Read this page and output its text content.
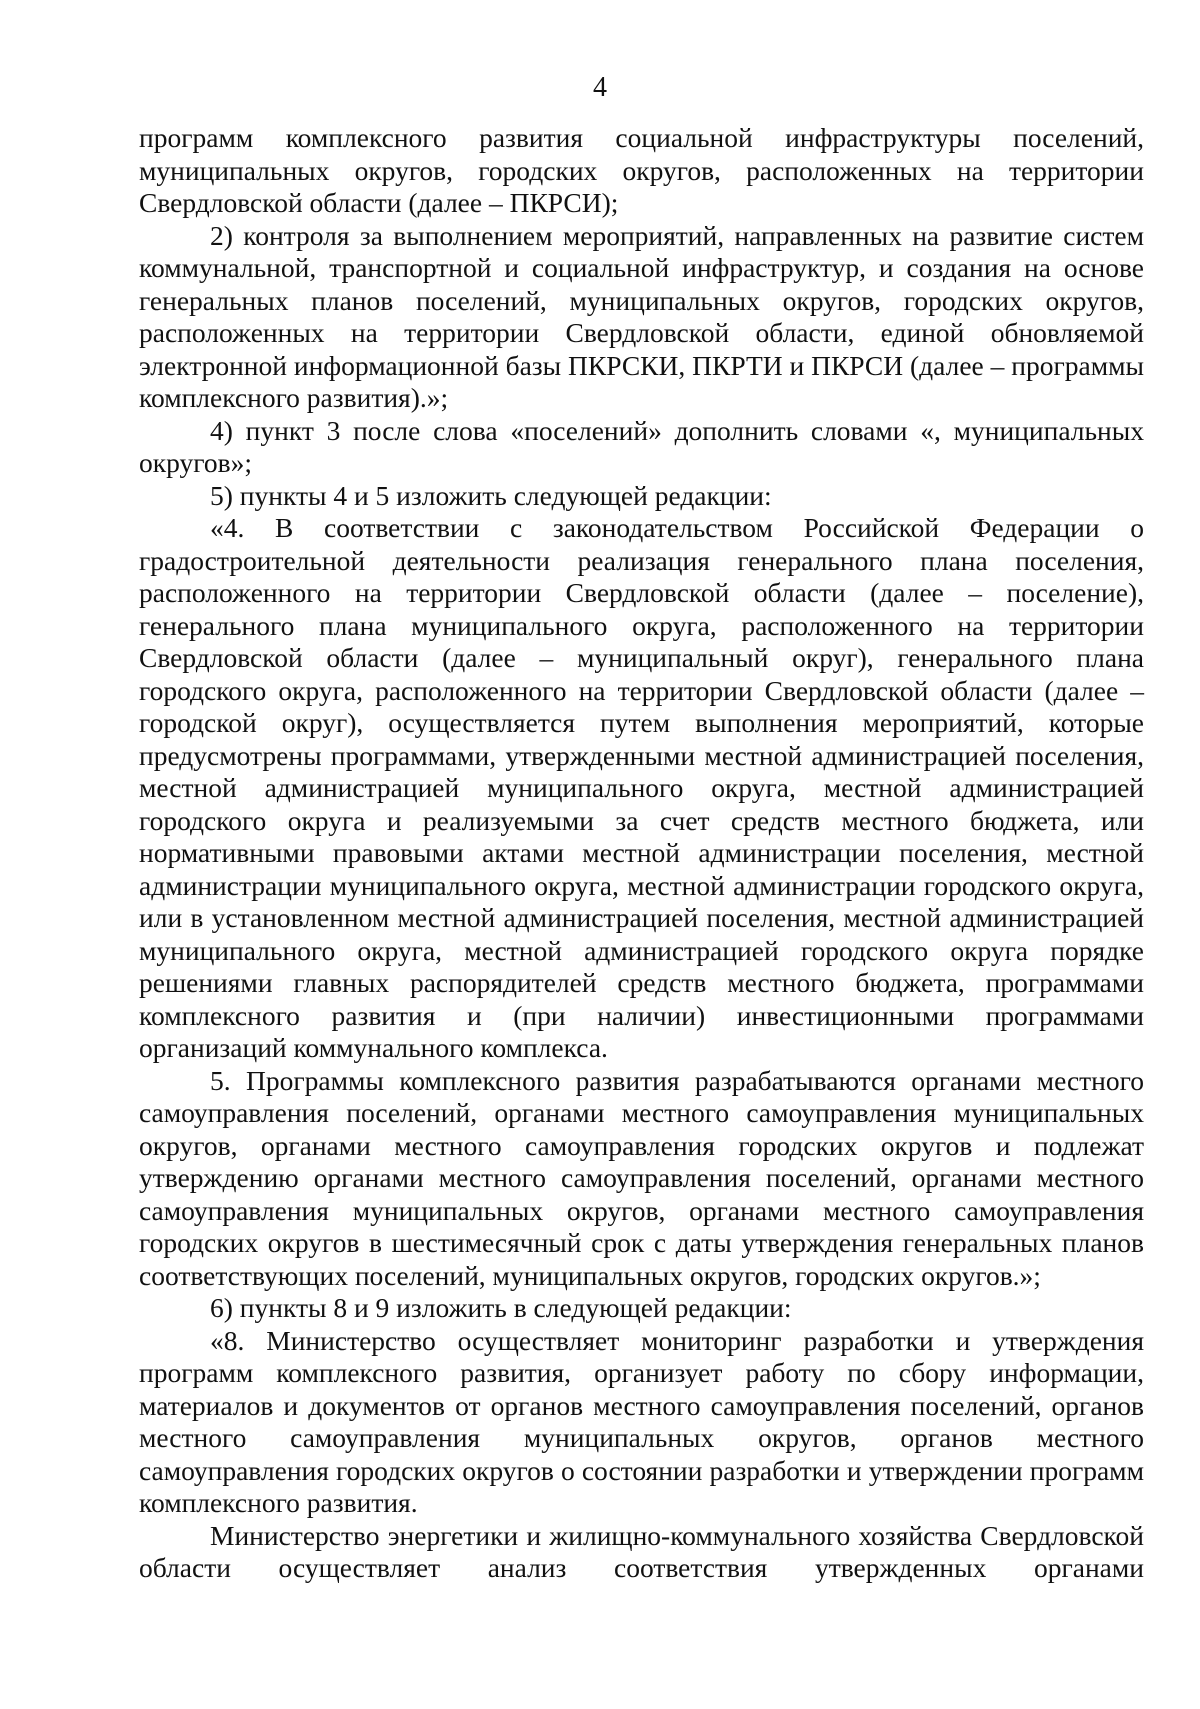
4

программ комплексного развития социальной инфраструктуры поселений, муниципальных округов, городских округов, расположенных на территории Свердловской области (далее – ПКРСИ);

2) контроля за выполнением мероприятий, направленных на развитие систем коммунальной, транспортной и социальной инфраструктур, и создания на основе генеральных планов поселений, муниципальных округов, городских округов, расположенных на территории Свердловской области, единой обновляемой электронной информационной базы ПКРСКИ, ПКРТИ и ПКРСИ (далее – программы комплексного развития).»;

4) пункт 3 после слова «поселений» дополнить словами «, муниципальных округов»;

5) пункты 4 и 5 изложить следующей редакции:

«4. В соответствии с законодательством Российской Федерации о градостроительной деятельности реализация генерального плана поселения, расположенного на территории Свердловской области (далее – поселение), генерального плана муниципального округа, расположенного на территории Свердловской области (далее – муниципальный округ), генерального плана городского округа, расположенного на территории Свердловской области (далее – городской округ), осуществляется путем выполнения мероприятий, которые предусмотрены программами, утвержденными местной администрацией поселения, местной администрацией муниципального округа, местной администрацией городского округа и реализуемыми за счет средств местного бюджета, или нормативными правовыми актами местной администрации поселения, местной администрации муниципального округа, местной администрации городского округа, или в установленном местной администрацией поселения, местной администрацией муниципального округа, местной администрацией городского округа порядке решениями главных распорядителей средств местного бюджета, программами комплексного развития и (при наличии) инвестиционными программами организаций коммунального комплекса.

5. Программы комплексного развития разрабатываются органами местного самоуправления поселений, органами местного самоуправления муниципальных округов, органами местного самоуправления городских округов и подлежат утверждению органами местного самоуправления поселений, органами местного самоуправления муниципальных округов, органами местного самоуправления городских округов в шестимесячный срок с даты утверждения генеральных планов соответствующих поселений, муниципальных округов, городских округов.»;

6) пункты 8 и 9 изложить в следующей редакции:

«8. Министерство осуществляет мониторинг разработки и утверждения программ комплексного развития, организует работу по сбору информации, материалов и документов от органов местного самоуправления поселений, органов местного самоуправления муниципальных округов, органов местного самоуправления городских округов о состоянии разработки и утверждении программ комплексного развития.

Министерство энергетики и жилищно-коммунального хозяйства Свердловской области осуществляет анализ соответствия утвержденных органами
